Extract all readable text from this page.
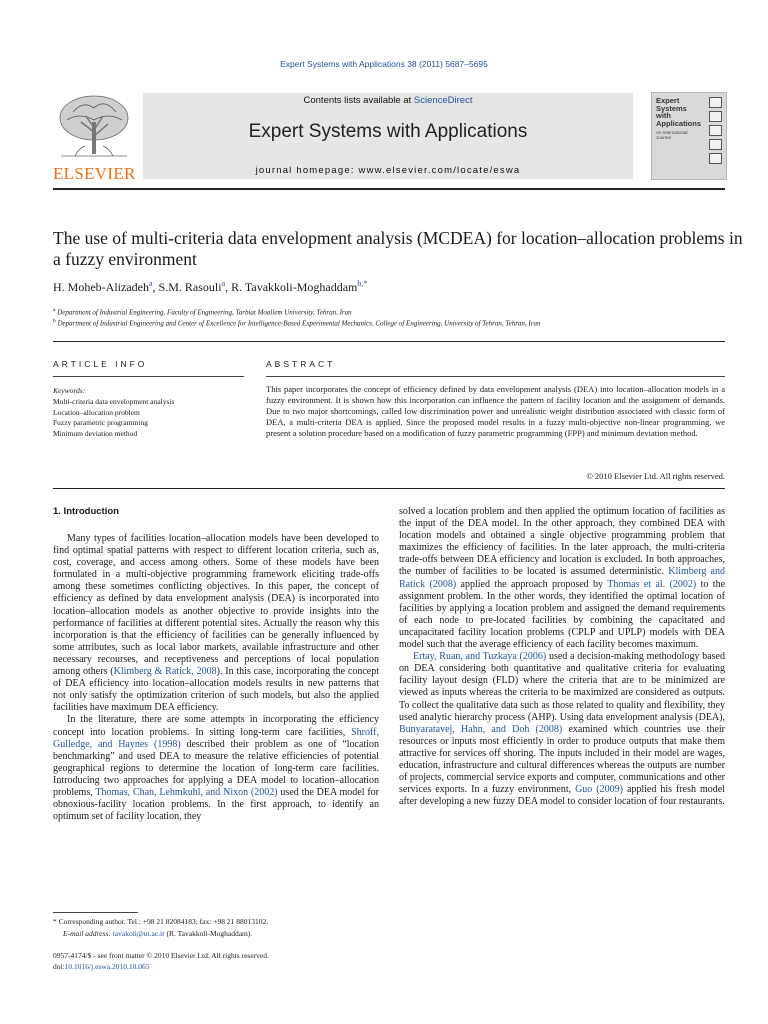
Expert Systems with Applications 38 (2011) 5687–5695
ELSEVIER
Contents lists available at ScienceDirect
Expert Systems with Applications
journal homepage: www.elsevier.com/locate/eswa
Expert Systems with Applications
An International Journal
The use of multi-criteria data envelopment analysis (MCDEA) for location–allocation problems in a fuzzy environment
H. Moheb-Alizadeh$^a$, S.M. Rasouli$^a$, R. Tavakkoli-Moghaddam$^{b,*}$
$^a$ Department of Industrial Engineering, Faculty of Engineering, Tarbiat Moallem University, Tehran, Iran
$^b$ Department of Industrial Engineering and Center of Excellence for Intelligence-Based Experimental Mechanics, College of Engineering, University of Tehran, Tehran, Iran
ARTICLE INFO
Keywords:
Multi-criteria data envelopment analysis
Location–allocation problem
Fuzzy parametric programming
Minimum deviation method
ABSTRACT
This paper incorporates the concept of efficiency defined by data envelopment analysis (DEA) into location–allocation models in a fuzzy environment. It is shown how this incorporation can influence the pattern of facility location and the assignment of demands. Due to two major shortcomings, called low discrimination power and unrealistic weight distribution associated with classic form of DEA, a multi-criteria DEA is applied. Since the proposed model results in a fuzzy multi-objective non-linear programming, we present a solution procedure based on a modification of fuzzy parametric programming (FPP) and minimum deviation method.
© 2010 Elsevier Ltd. All rights reserved.
1. Introduction

Many types of facilities location–allocation models have been developed to find optimal spatial patterns with respect to different location criteria, such as, cost, coverage, and access among others. Some of these models have been formulated in a multi-objective programming framework eliciting trade-offs among these sometimes conflicting objectives. In this paper, the concept of efficiency as defined by data envelopment analysis (DEA) is incorporated into location–allocation models as another objective to provide insights into the performance of facilities at different potential sites. Actually the reason why this incorporation is that the efficiency of facilities can be generally influenced by some attributes, such as local labor markets, available infrastructure and other necessary recourses, and receptiveness and perceptions of local population among others (Klimberg & Ratick, 2008). In this case, incorporating the concept of DEA efficiency into location–allocation models results in new patterns that not only satisfy the optimization criterion of such models, but also the applied facilities have maximum DEA efficiency.

In the literature, there are some attempts in incorporating the efficiency concept into location problems. In sitting long-term care facilities, Shroff, Gulledge, and Haynes (1998) described their problem as one of “location benchmarking” and used DEA to measure the relative efficiencies of potential geographical regions to determine the location of long-term care facilities. Introducing two approaches for applying a DEA model to location–allocation problems, Thomas, Chan, Lehmkuhl, and Nixon (2002) used the DEA model for obnoxious-facility location problems. In the first approach, to identify an optimum set of facility location, they

solved a location problem and then applied the optimum location of facilities as the input of the DEA model. In the other approach, they combined DEA with location models and obtained a single objective programming problem that maximizes the efficiency of facilities. In the later approach, the multi-criteria trade-offs between DEA efficiency and location is excluded. In both approaches, the number of facilities to be located is assumed deterministic. Klimberg and Ratick (2008) applied the approach proposed by Thomas et al. (2002) to the assignment problem. In the other words, they identified the optimal location of facilities by applying a location problem and assigned the demand requirements of each node to pre-located facilities by combining the capacitated and uncapacitated facility location problems (CPLP and UPLP) models with DEA model such that the average efficiency of each facility becomes maximum.

Ertay, Ruan, and Tuzkaya (2006) used a decision-making methodology based on DEA considering both quantitative and qualitative criteria for evaluating facility layout design (FLD) where the criteria that are to be minimized are viewed as inputs whereas the criteria to be maximized are considered as outputs. To collect the qualitative data such as those related to quality and flexibility, they used analytic hierarchy process (AHP). Using data envelopment analysis (DEA), Bunyaratavej, Hahn, and Doh (2008) examined which countries use their resources or inputs most efficiently in order to produce outputs that make them attractive for services off shoring. The inputs included in their model are wages, education, infrastructure and cultural differences whereas the outputs are number of projects, commercial service exports and computer, communications and other services exports. In a fuzzy environment, Guo (2009) applied his fresh model after developing a new fuzzy DEA model to consider location of four restaurants.

* Corresponding author. Tel.: +98 21 82084183; fax: +98 21 88013102.
E-mail address: tavakoli@ut.ac.ir (R. Tavakkoli-Moghaddam).
0957-4174/$ - see front matter © 2010 Elsevier Ltd. All rights reserved.
doi:10.1016/j.eswa.2010.10.065
